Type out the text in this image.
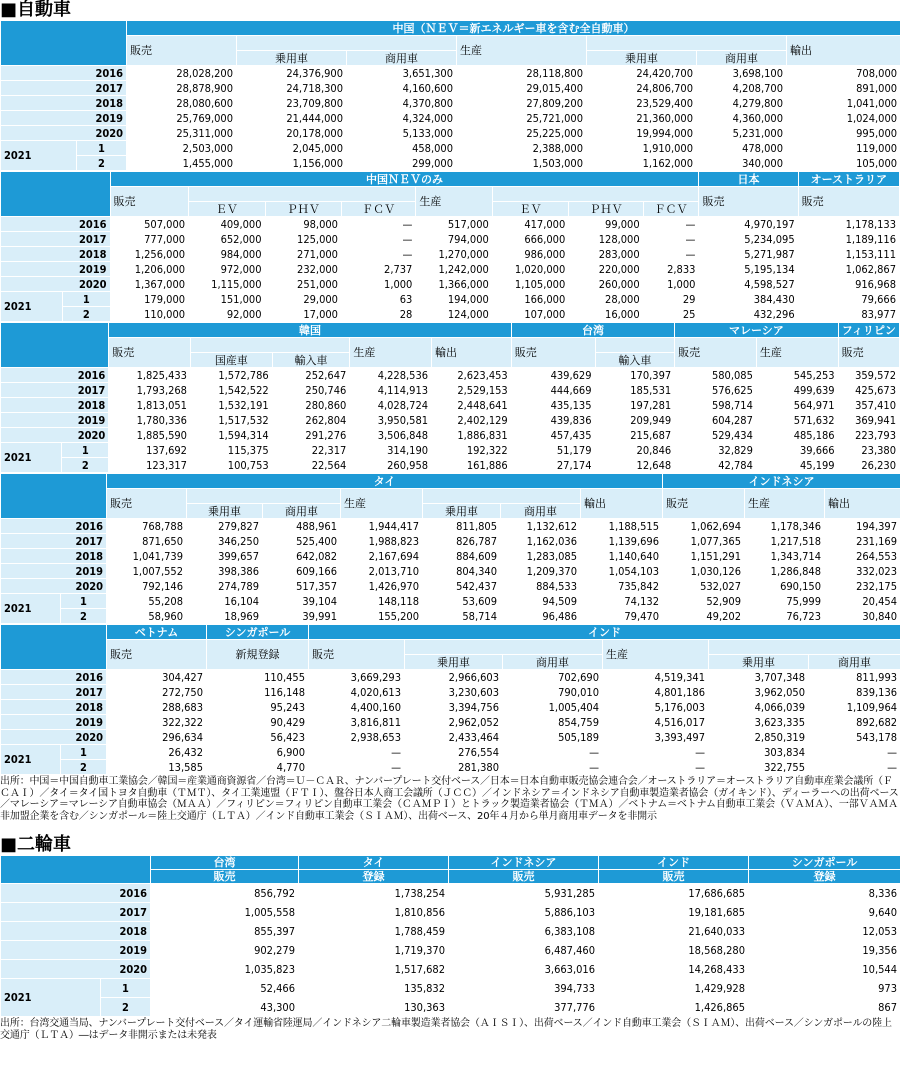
■自動車
		中国（ＮＥＶ＝新エネルギー車を含む全自動車）						
		販売			生産			輸出
			乗用車	商用車		乗用車	商用車	
2016		28,028,200	24,376,900	3,651,300	28,118,800	24,420,700	3,698,100	708,000
2017		28,878,900	24,718,300	4,160,600	29,015,400	24,806,700	4,208,700	891,000
2018		28,080,600	23,709,800	4,370,800	27,809,200	23,529,400	4,279,800	1,041,000
2019		25,769,000	21,444,000	4,324,000	25,721,000	21,360,000	4,360,000	1,024,000
2020		25,311,000	20,178,000	5,133,000	25,225,000	19,994,000	5,231,000	995,000
2021	1	2,503,000	2,045,000	458,000	2,388,000	1,910,000	478,000	119,000
	2	1,455,000	1,156,000	299,000	1,503,000	1,162,000	340,000	105,000
		中国ＮＥＶのみ								日本	オーストラリア
		販売				生産				販売	販売
			ＥＶ	ＰＨＶ	ＦＣＶ		ＥＶ	ＰＨＶ	ＦＣＶ		
2016		507,000	409,000	98,000	—	517,000	417,000	99,000	—	4,970,197	1,178,133
2017		777,000	652,000	125,000	—	794,000	666,000	128,000	—	5,234,095	1,189,116
2018		1,256,000	984,000	271,000	—	1,270,000	986,000	283,000	—	5,271,987	1,153,111
2019		1,206,000	972,000	232,000	2,737	1,242,000	1,020,000	220,000	2,833	5,195,134	1,062,867
2020		1,367,000	1,115,000	251,000	1,000	1,366,000	1,105,000	260,000	1,000	4,598,527	916,968
2021	1	179,000	151,000	29,000	63	194,000	166,000	28,000	29	384,430	79,666
	2	110,000	92,000	17,000	28	124,000	107,000	16,000	25	432,296	83,977
		韓国					台湾		マレーシア		フィリピン
		販売			生産	輸出	販売		販売	生産	販売
			国産車	輸入車				輸入車			
2016		1,825,433	1,572,786	252,647	4,228,536	2,623,453	439,629	170,397	580,085	545,253	359,572
2017		1,793,268	1,542,522	250,746	4,114,913	2,529,153	444,669	185,531	576,625	499,639	425,673
2018		1,813,051	1,532,191	280,860	4,028,724	2,448,641	435,135	197,281	598,714	564,971	357,410
2019		1,780,336	1,517,532	262,804	3,950,581	2,402,129	439,836	209,949	604,287	571,632	369,941
2020		1,885,590	1,594,314	291,276	3,506,848	1,886,831	457,435	215,687	529,434	485,186	223,793
2021	1	137,692	115,375	22,317	314,190	192,322	51,179	20,846	32,829	39,666	23,380
	2	123,317	100,753	22,564	260,958	161,886	27,174	12,648	42,784	45,199	26,230
		タイ							インドネシア		
		販売			生産			輸出	販売	生産	輸出
			乗用車	商用車		乗用車	商用車				
2016		768,788	279,827	488,961	1,944,417	811,805	1,132,612	1,188,515	1,062,694	1,178,346	194,397
2017		871,650	346,250	525,400	1,988,823	826,787	1,162,036	1,139,696	1,077,365	1,217,518	231,169
2018		1,041,739	399,657	642,082	2,167,694	884,609	1,283,085	1,140,640	1,151,291	1,343,714	264,553
2019		1,007,552	398,386	609,166	2,013,710	804,340	1,209,370	1,054,103	1,030,126	1,286,848	332,023
2020		792,146	274,789	517,357	1,426,970	542,437	884,533	735,842	532,027	690,150	232,175
2021	1	55,208	16,104	39,104	148,118	53,609	94,509	74,132	52,909	75,999	20,454
	2	58,960	18,969	39,991	155,200	58,714	96,486	79,470	49,202	76,723	30,840
		ベトナム	シンガポール	インド					
		販売	新規登録	販売			生産		
					乗用車	商用車		乗用車	商用車
2016		304,427	110,455	3,669,293	2,966,603	702,690	4,519,341	3,707,348	811,993
2017		272,750	116,148	4,020,613	3,230,603	790,010	4,801,186	3,962,050	839,136
2018		288,683	95,243	4,400,160	3,394,756	1,005,404	5,176,003	4,066,039	1,109,964
2019		322,322	90,429	3,816,811	2,962,052	854,759	4,516,017	3,623,335	892,682
2020		296,634	56,423	2,938,653	2,433,464	505,189	3,393,497	2,850,319	543,178
2021	1	26,432	6,900	—	276,554	—	—	303,834	—
	2	13,585	4,770	—	281,380	—	—	322,755	—

出所：中国＝中国自動車工業協会／韓国＝産業通商資源省／台湾＝Ｕ－ＣＡＲ、ナンバープレート交付ベース／日本＝日本自動車販売協会連合会／オーストラリア＝オーストラリア自動車産業会議所（ＦＣＡＩ）／タイ＝タイ国トヨタ自動車（ＴＭＴ）、タイ工業連盟（ＦＴＩ）、盤谷日本人商工会議所（ＪＣＣ）／インドネシア＝インドネシア自動車製造業者協会（ガイキンド）、ディーラーへの出荷ベース／マレーシア＝マレーシア自動車協会（ＭＡＡ）／フィリピン＝フィリピン自動車工業会（ＣＡＭＰＩ）とトラック製造業者協会（ＴＭＡ）／ベトナム＝ベトナム自動車工業会（ＶＡＭＡ）、一部ＶＡＭＡ非加盟企業を含む／シンガポール＝陸上交通庁（ＬＴＡ）／インド自動車工業会（ＳＩＡＭ）、出荷ベース、20年４月から単月商用車データを非開示

■二輪車
		台湾	タイ	インドネシア	インド	シンガポール
		販売	登録	販売	販売	登録
2016		856,792	1,738,254	5,931,285	17,686,685	8,336
2017		1,005,558	1,810,856	5,886,103	19,181,685	9,640
2018		855,397	1,788,459	6,383,108	21,640,033	12,053
2019		902,279	1,719,370	6,487,460	18,568,280	19,356
2020		1,035,823	1,517,682	3,663,016	14,268,433	10,544
2021	1	52,466	135,832	394,733	1,429,928	973
	2	43,300	130,363	377,776	1,426,865	867

出所：台湾交通当局、ナンバープレート交付ベース／タイ運輸省陸運局／インドネシア二輪車製造業者協会（ＡＩＳＩ）、出荷ベース／インド自動車工業会（ＳＩＡＭ）、出荷ベース／シンガポールの陸上交通庁（ＬＴＡ）―はデータ非開示または未発表
